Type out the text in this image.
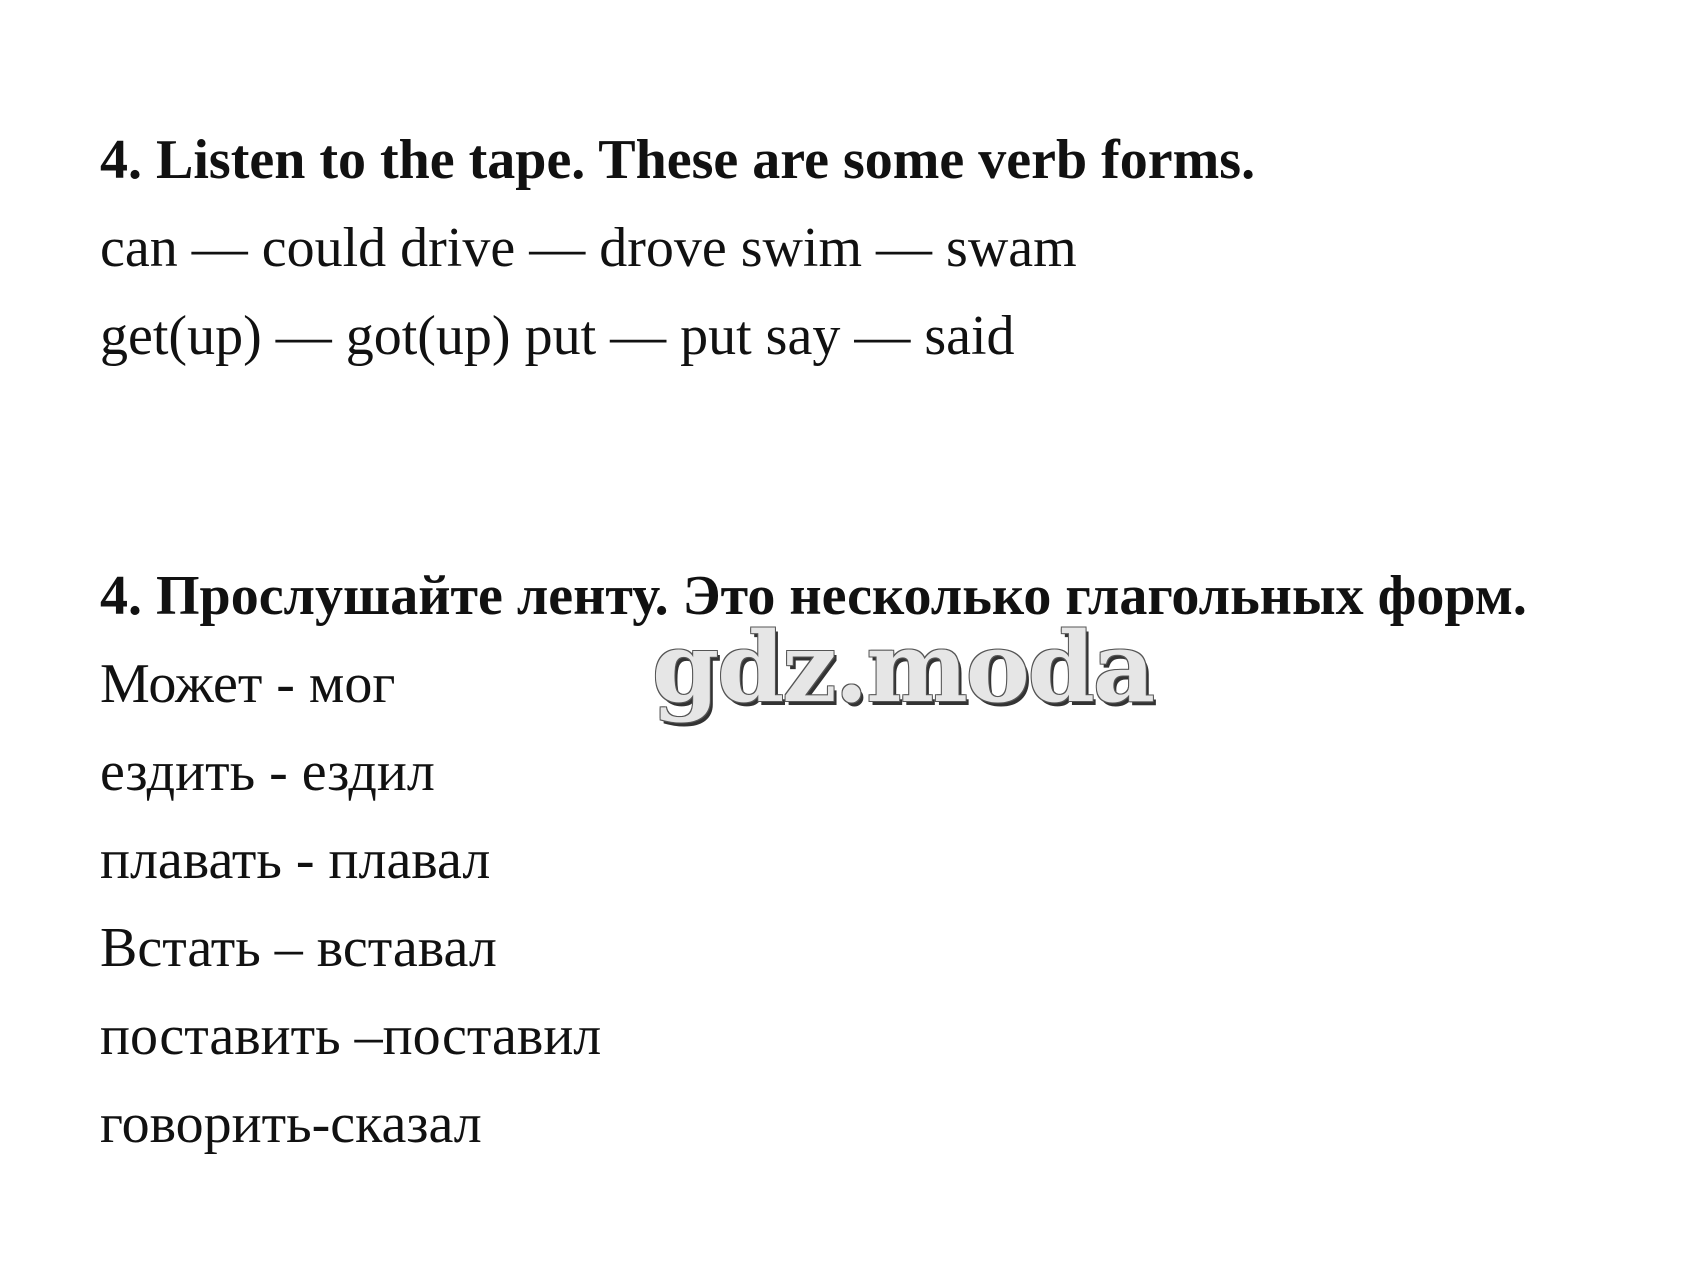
4. Listen to the tape. These are some verb forms.
can — could drive — drove swim — swam
get(up) — got(up) put — put say — said
4. Прослушайте ленту. Это несколько глагольных форм.
Может - мог
ездить - ездил
плавать - плавал
Встать – вставал
поставить –поставил
говорить-сказал
gdz.moda
